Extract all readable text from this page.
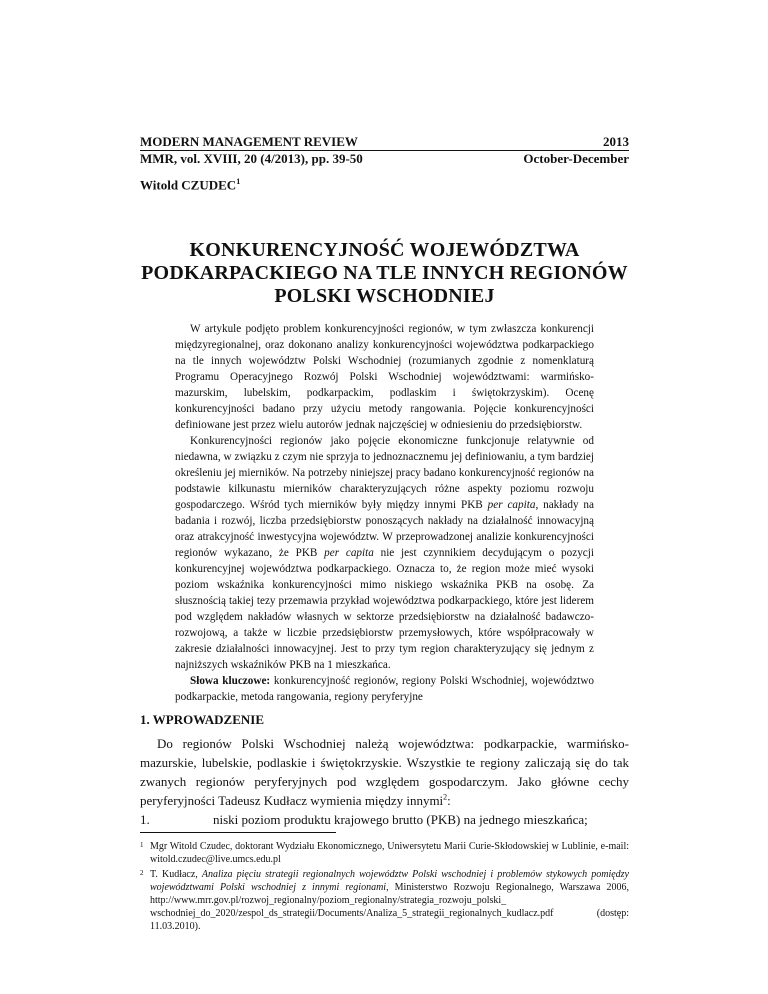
MODERN MANAGEMENT REVIEW	2013
MMR, vol. XVIII, 20 (4/2013), pp. 39-50	October-December
Witold CZUDEC$^1$
KONKURENCYJNOŚĆ WOJEWÓDZTWA
PODKARPACKIEGO NA TLE INNYCH REGIONÓW
POLSKI WSCHODNIEJ

W artykule podjęto problem konkurencyjności regionów, w tym zwłaszcza konkurencji międzyregionalnej, oraz dokonano analizy konkurencyjności województwa podkarpackiego na tle innych województw Polski Wschodniej (rozumianych zgodnie z nomenklaturą Programu Operacyjnego Rozwój Polski Wschodniej województwami: warmińsko-mazurskim, lubelskim, podkarpackim, podlaskim i świętokrzyskim). Ocenę konkurencyjności badano przy użyciu metody rangowania. Pojęcie konkurencyjności definiowane jest przez wielu autorów jednak najczęściej w odniesieniu do przedsiębiorstw.

Konkurencyjności regionów jako pojęcie ekonomiczne funkcjonuje relatywnie od niedawna, w związku z czym nie sprzyja to jednoznacznemu jej definiowaniu, a tym bardziej określeniu jej mierników. Na potrzeby niniejszej pracy badano konkurencyjność regionów na podstawie kilkunastu mierników charakteryzujących różne aspekty poziomu rozwoju gospodarczego. Wśród tych mierników były między innymi PKB per capita, nakłady na badania i rozwój, liczba przedsiębiorstw ponoszących nakłady na działalność innowacyjną oraz atrakcyjność inwestycyjna województw. W przeprowadzonej analizie konkurencyjności regionów wykazano, że PKB per capita nie jest czynnikiem decydującym o pozycji konkurencyjnej województwa podkarpackiego. Oznacza to, że region może mieć wysoki poziom wskaźnika konkurencyjności mimo niskiego wskaźnika PKB na osobę. Za słusznością takiej tezy przemawia przykład województwa podkarpackiego, które jest liderem pod względem nakładów własnych w sektorze przedsiębiorstw na działalność badawczo-rozwojową, a także w liczbie przedsiębiorstw przemysłowych, które współpracowały w zakresie działalności innowacyjnej. Jest to przy tym region charakteryzujący się jednym z najniższych wskaźników PKB na 1 mieszkańca.

Słowa kluczowe: konkurencyjność regionów, regiony Polski Wschodniej, województwo podkarpackie, metoda rangowania, regiony peryferyjne

1. WPROWADZENIE

Do regionów Polski Wschodniej należą województwa: podkarpackie, warmińsko-mazurskie, lubelskie, podlaskie i świętokrzyskie. Wszystkie te regiony zaliczają się do tak zwanych regionów peryferyjnych pod względem gospodarczym. Jako główne cechy peryferyjności Tadeusz Kudłacz wymienia między innymi$^2$:

1.	niski poziom produktu krajowego brutto (PKB) na jednego mieszkańca;

1 Mgr Witold Czudec, doktorant Wydziału Ekonomicznego, Uniwersytetu Marii Curie-Skłodowskiej w Lublinie, e-mail: witold.czudec@live.umcs.edu.pl
2 T. Kudłacz, Analiza pięciu strategii regionalnych województw Polski wschodniej i problemów stykowych pomiędzy województwami Polski wschodniej z innymi regionami, Ministerstwo Rozwoju Regionalnego, Warszawa 2006, http://www.mrr.gov.pl/rozwoj_regionalny/poziom_regionalny/strategia_rozwoju_polski_ wschodniej_do_2020/zespol_ds_strategii/Documents/Analiza_5_strategii_regionalnych_kudlacz.pdf (dostęp: 11.03.2010).
